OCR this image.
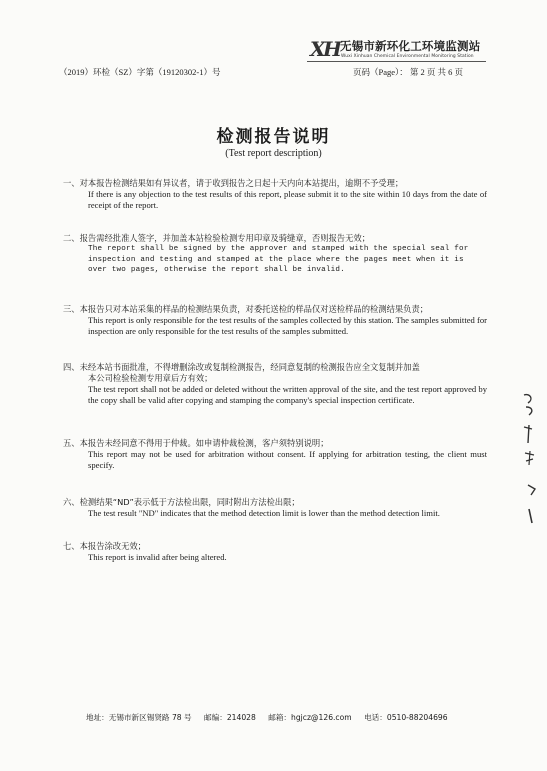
X
H
无锡市新环化工环境监测站
Wuxi Xinhuan Chemical Environmental Monitoring Station
（2019）环检（SZ）字第（19120302-1）号	页码（Page）： 第 2 页 共 6 页
检测报告说明
(Test report description)
一、对本报告检测结果如有异议者，请于收到报告之日起十天内向本站提出，逾期不予受理；
If there is any objection to the test results of this report, please submit it to the site within 10 days from the date of receipt of the report.
二、报告需经批准人签字，并加盖本站检验检测专用印章及骑缝章，否则报告无效；
The report shall be signed by the approver and stamped with the special seal for inspection and testing and stamped at the place where the pages meet when it is over two pages, otherwise the report shall be invalid.
三、本报告只对本站采集的样品的检测结果负责，对委托送检的样品仅对送检样品的检测结果负责；
This report is only responsible for the test results of the samples collected by this station. The samples submitted for inspection are only responsible for the test results of the samples submitted.
四、未经本站书面批准，不得增删涂改或复制检测报告，经同意复制的检测报告应全文复制并加盖
本公司检验检测专用章后方有效；
The test report shall not be added or deleted without the written approval of the site, and the test report approved by the copy shall be valid after copying and stamping the company's special inspection certificate.
五、本报告未经同意不得用于仲裁。如申请仲裁检测，客户须特别说明；
This report may not be used for arbitration without consent. If applying for arbitration testing, the client must specify.
六、检测结果“ND”表示低于方法检出限，同时附出方法检出限；
The test result "ND" indicates that the method detection limit is lower than the method detection limit.
七、本报告涂改无效；
This report is invalid after being altered.
地址：无锡市新区锡贤路 78 号 邮编：214028 邮箱：hgjcz@126.com 电话：0510-88204696
